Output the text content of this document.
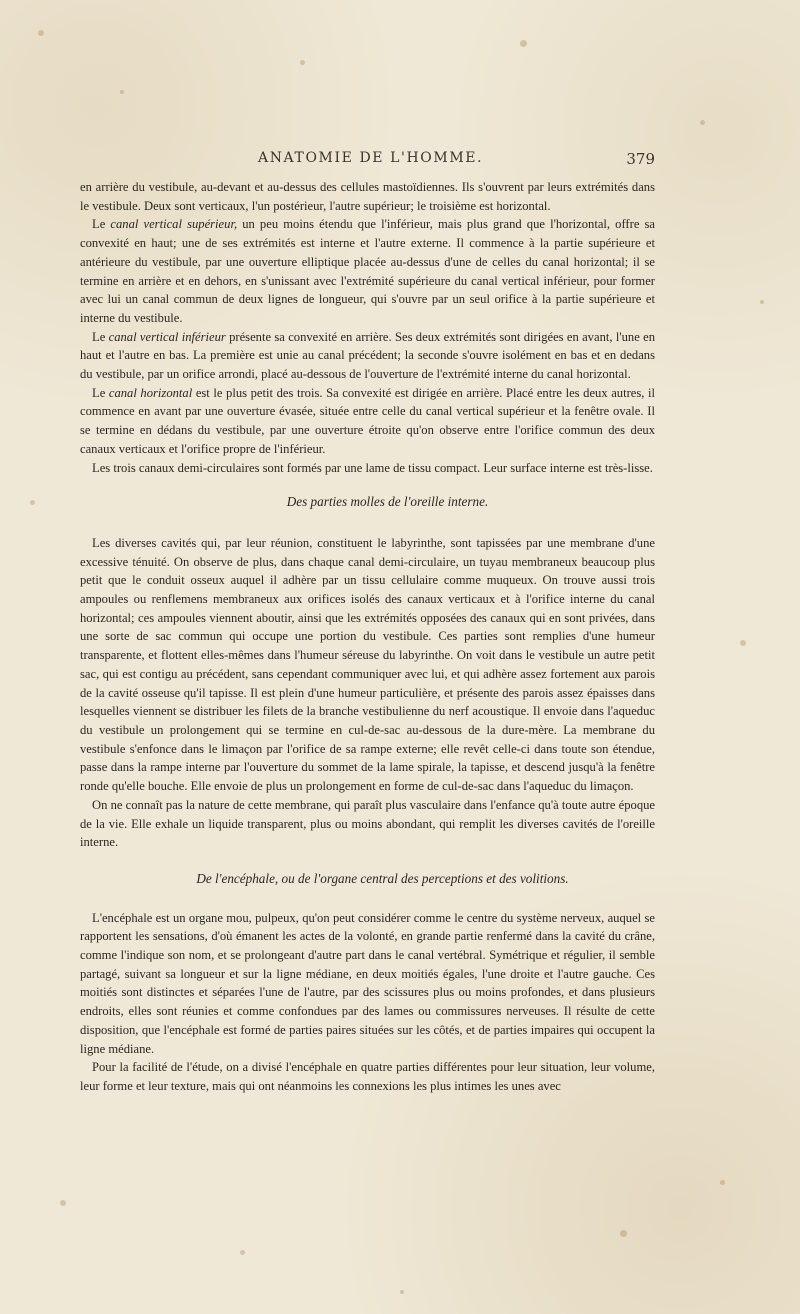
ANATOMIE DE L'HOMME.	379

en arrière du vestibule, au-devant et au-dessus des cellules mastoïdiennes. Ils s'ouvrent par leurs extrémités dans le vestibule. Deux sont verticaux, l'un postérieur, l'autre supérieur; le troisième est horizontal.

Le canal vertical supérieur, un peu moins étendu que l'inférieur, mais plus grand que l'horizontal, offre sa convexité en haut; une de ses extrémités est interne et l'autre externe. Il commence à la partie supérieure et antérieure du vestibule, par une ouverture elliptique placée au-dessus d'une de celles du canal horizontal; il se termine en arrière et en dehors, en s'unissant avec l'extrémité supérieure du canal vertical inférieur, pour former avec lui un canal commun de deux lignes de longueur, qui s'ouvre par un seul orifice à la partie supérieure et interne du vestibule.

Le canal vertical inférieur présente sa convexité en arrière. Ses deux extrémités sont dirigées en avant, l'une en haut et l'autre en bas. La première est unie au canal précédent; la seconde s'ouvre isolément en bas et en dedans du vestibule, par un orifice arrondi, placé au-dessous de l'ouverture de l'extrémité interne du canal horizontal.

Le canal horizontal est le plus petit des trois. Sa convexité est dirigée en arrière. Placé entre les deux autres, il commence en avant par une ouverture évasée, située entre celle du canal vertical supérieur et la fenêtre ovale. Il se termine en dédans du vestibule, par une ouverture étroite qu'on observe entre l'orifice commun des deux canaux verticaux et l'orifice propre de l'inférieur.

Les trois canaux demi-circulaires sont formés par une lame de tissu compact. Leur surface interne est très-lisse.

Des parties molles de l'oreille interne.

Les diverses cavités qui, par leur réunion, constituent le labyrinthe, sont tapissées par une membrane d'une excessive ténuité. On observe de plus, dans chaque canal demi-circulaire, un tuyau membraneux beaucoup plus petit que le conduit osseux auquel il adhère par un tissu cellulaire comme muqueux. On trouve aussi trois ampoules ou renflemens membraneux aux orifices isolés des canaux verticaux et à l'orifice interne du canal horizontal; ces ampoules viennent aboutir, ainsi que les extrémités opposées des canaux qui en sont privées, dans une sorte de sac commun qui occupe une portion du vestibule. Ces parties sont remplies d'une humeur transparente, et flottent elles-mêmes dans l'humeur séreuse du labyrinthe. On voit dans le vestibule un autre petit sac, qui est contigu au précédent, sans cependant communiquer avec lui, et qui adhère assez fortement aux parois de la cavité osseuse qu'il tapisse. Il est plein d'une humeur particulière, et présente des parois assez épaisses dans lesquelles viennent se distribuer les filets de la branche vestibulienne du nerf acoustique. Il envoie dans l'aqueduc du vestibule un prolongement qui se termine en cul-de-sac au-dessous de la dure-mère. La membrane du vestibule s'enfonce dans le limaçon par l'orifice de sa rampe externe; elle revêt celle-ci dans toute son étendue, passe dans la rampe interne par l'ouverture du sommet de la lame spirale, la tapisse, et descend jusqu'à la fenêtre ronde qu'elle bouche. Elle envoie de plus un prolongement en forme de cul-de-sac dans l'aqueduc du limaçon.

On ne connaît pas la nature de cette membrane, qui paraît plus vasculaire dans l'enfance qu'à toute autre époque de la vie. Elle exhale un liquide transparent, plus ou moins abondant, qui remplit les diverses cavités de l'oreille interne.

De l'encéphale, ou de l'organe central des perceptions et des volitions.

L'encéphale est un organe mou, pulpeux, qu'on peut considérer comme le centre du système nerveux, auquel se rapportent les sensations, d'où émanent les actes de la volonté, en grande partie renfermé dans la cavité du crâne, comme l'indique son nom, et se prolongeant d'autre part dans le canal vertébral. Symétrique et régulier, il semble partagé, suivant sa longueur et sur la ligne médiane, en deux moitiés égales, l'une droite et l'autre gauche. Ces moitiés sont distinctes et séparées l'une de l'autre, par des scissures plus ou moins profondes, et dans plusieurs endroits, elles sont réunies et comme confondues par des lames ou commissures nerveuses. Il résulte de cette disposition, que l'encéphale est formé de parties paires situées sur les côtés, et de parties impaires qui occupent la ligne médiane.

Pour la facilité de l'étude, on a divisé l'encéphale en quatre parties différentes pour leur situation, leur volume, leur forme et leur texture, mais qui ont néanmoins les connexions les plus intimes les unes avec
